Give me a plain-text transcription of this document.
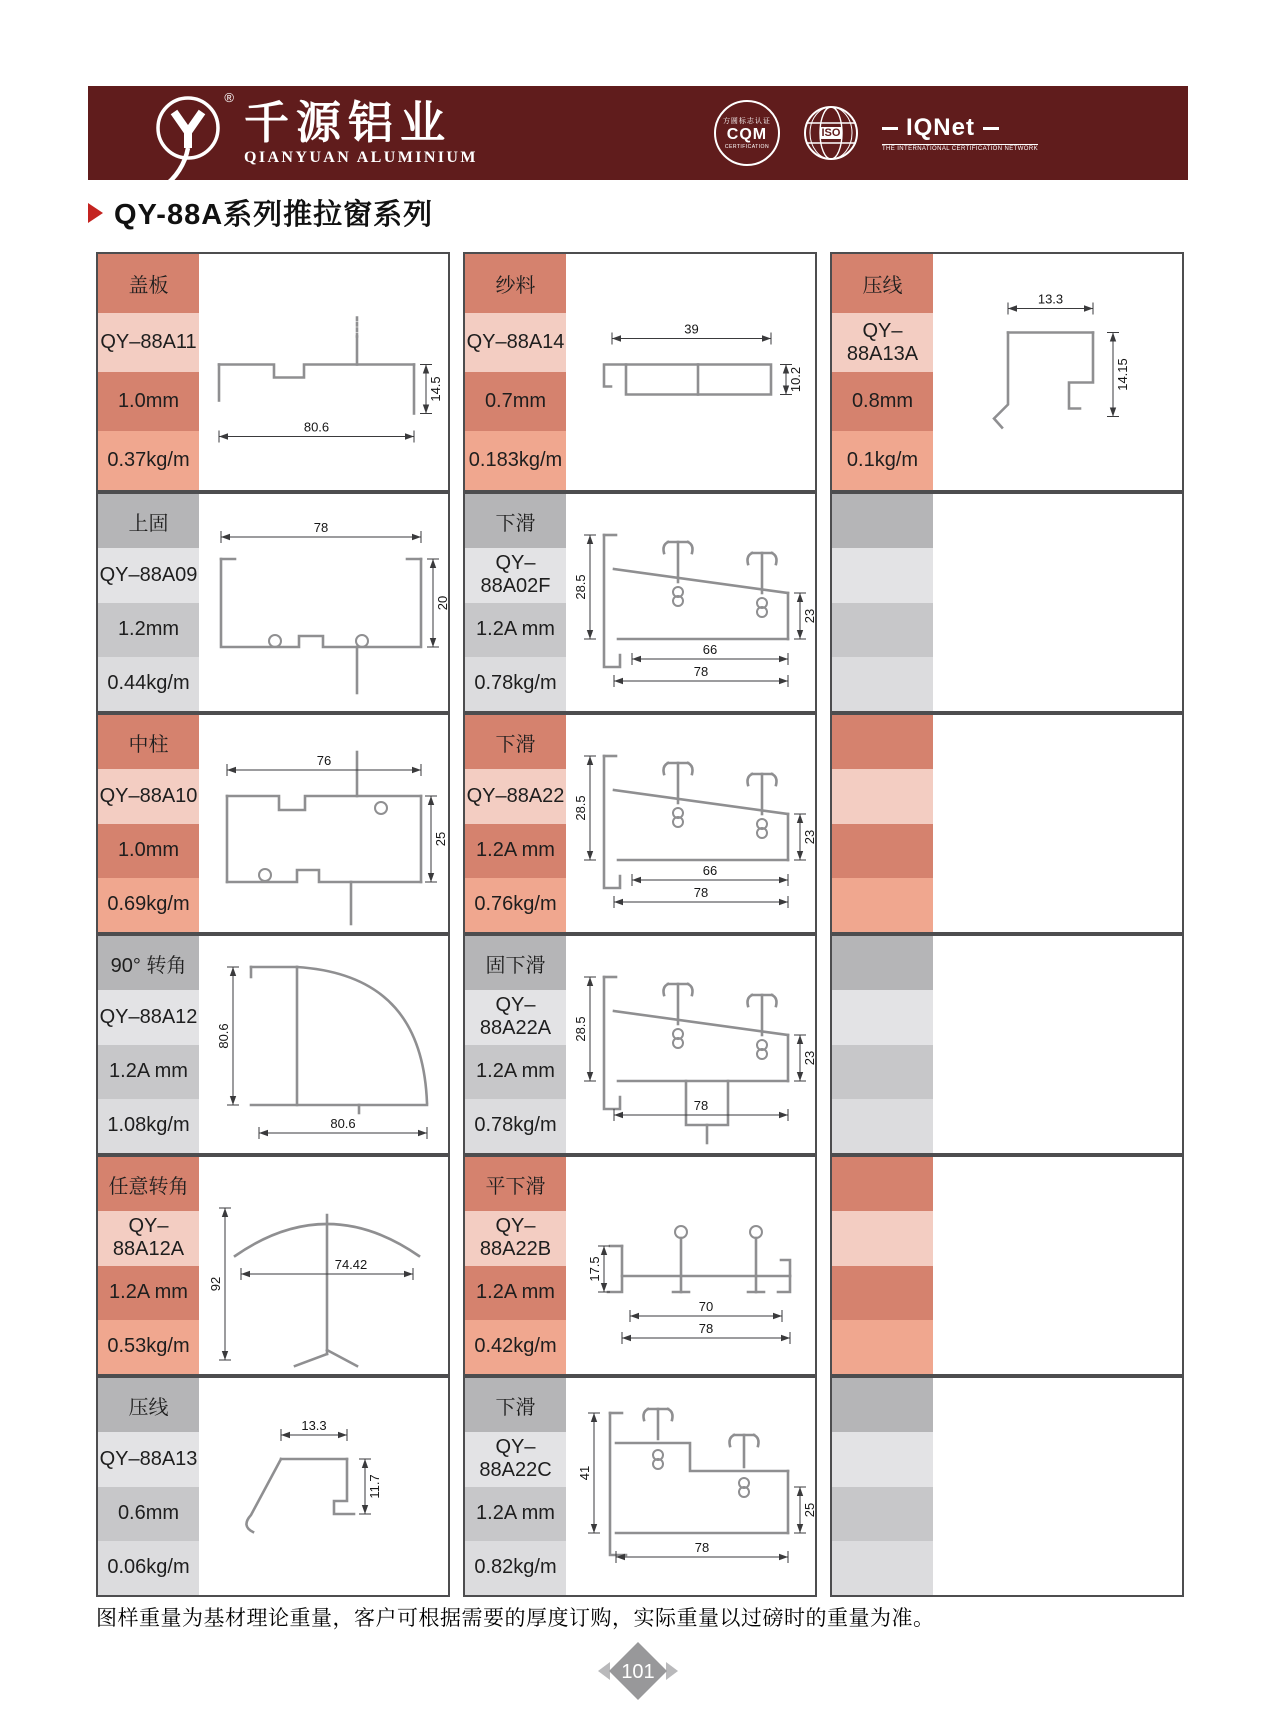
® 千源铝业
QIANYUAN ALUMINIUM
方圆标志认证
CQM
CERTIFICATION
ISO	IQNet
THE INTERNATIONAL CERTIFICATION NETWORK
QY-88A系列推拉窗系列
盖板
QY–88A11
1.0mm
0.37kg/m
80.6
14.5
纱料
QY–88A14
0.7mm
0.183kg/m
39
10.2
压线
QY–88A13A
0.8mm
0.1kg/m
13.3
14.15
上固
QY–88A09
1.2mm
0.44kg/m
78
20
下滑
QY–88A02F
1.2A mm
0.78kg/m
28.5
66
78
23
中柱
QY–88A10
1.0mm
0.69kg/m
76
25
下滑
QY–88A22
1.2A mm
0.76kg/m
28.5
66
78
23
90° 转角
QY–88A12
1.2A mm
1.08kg/m
80.6
80.6
固下滑
QY–88A22A
1.2A mm
0.78kg/m
28.5
78
23
任意转角
QY–88A12A
1.2A mm
0.53kg/m
74.42
92
平下滑
QY–88A22B
1.2A mm
0.42kg/m
17.5
70
78
压线
QY–88A13
0.6mm
0.06kg/m
13.3
11.7
下滑
QY–88A22C
1.2A mm
0.82kg/m
41
78
25
图样重量为基材理论重量，客户可根据需要的厚度订购，实际重量以过磅时的重量为准。
101
